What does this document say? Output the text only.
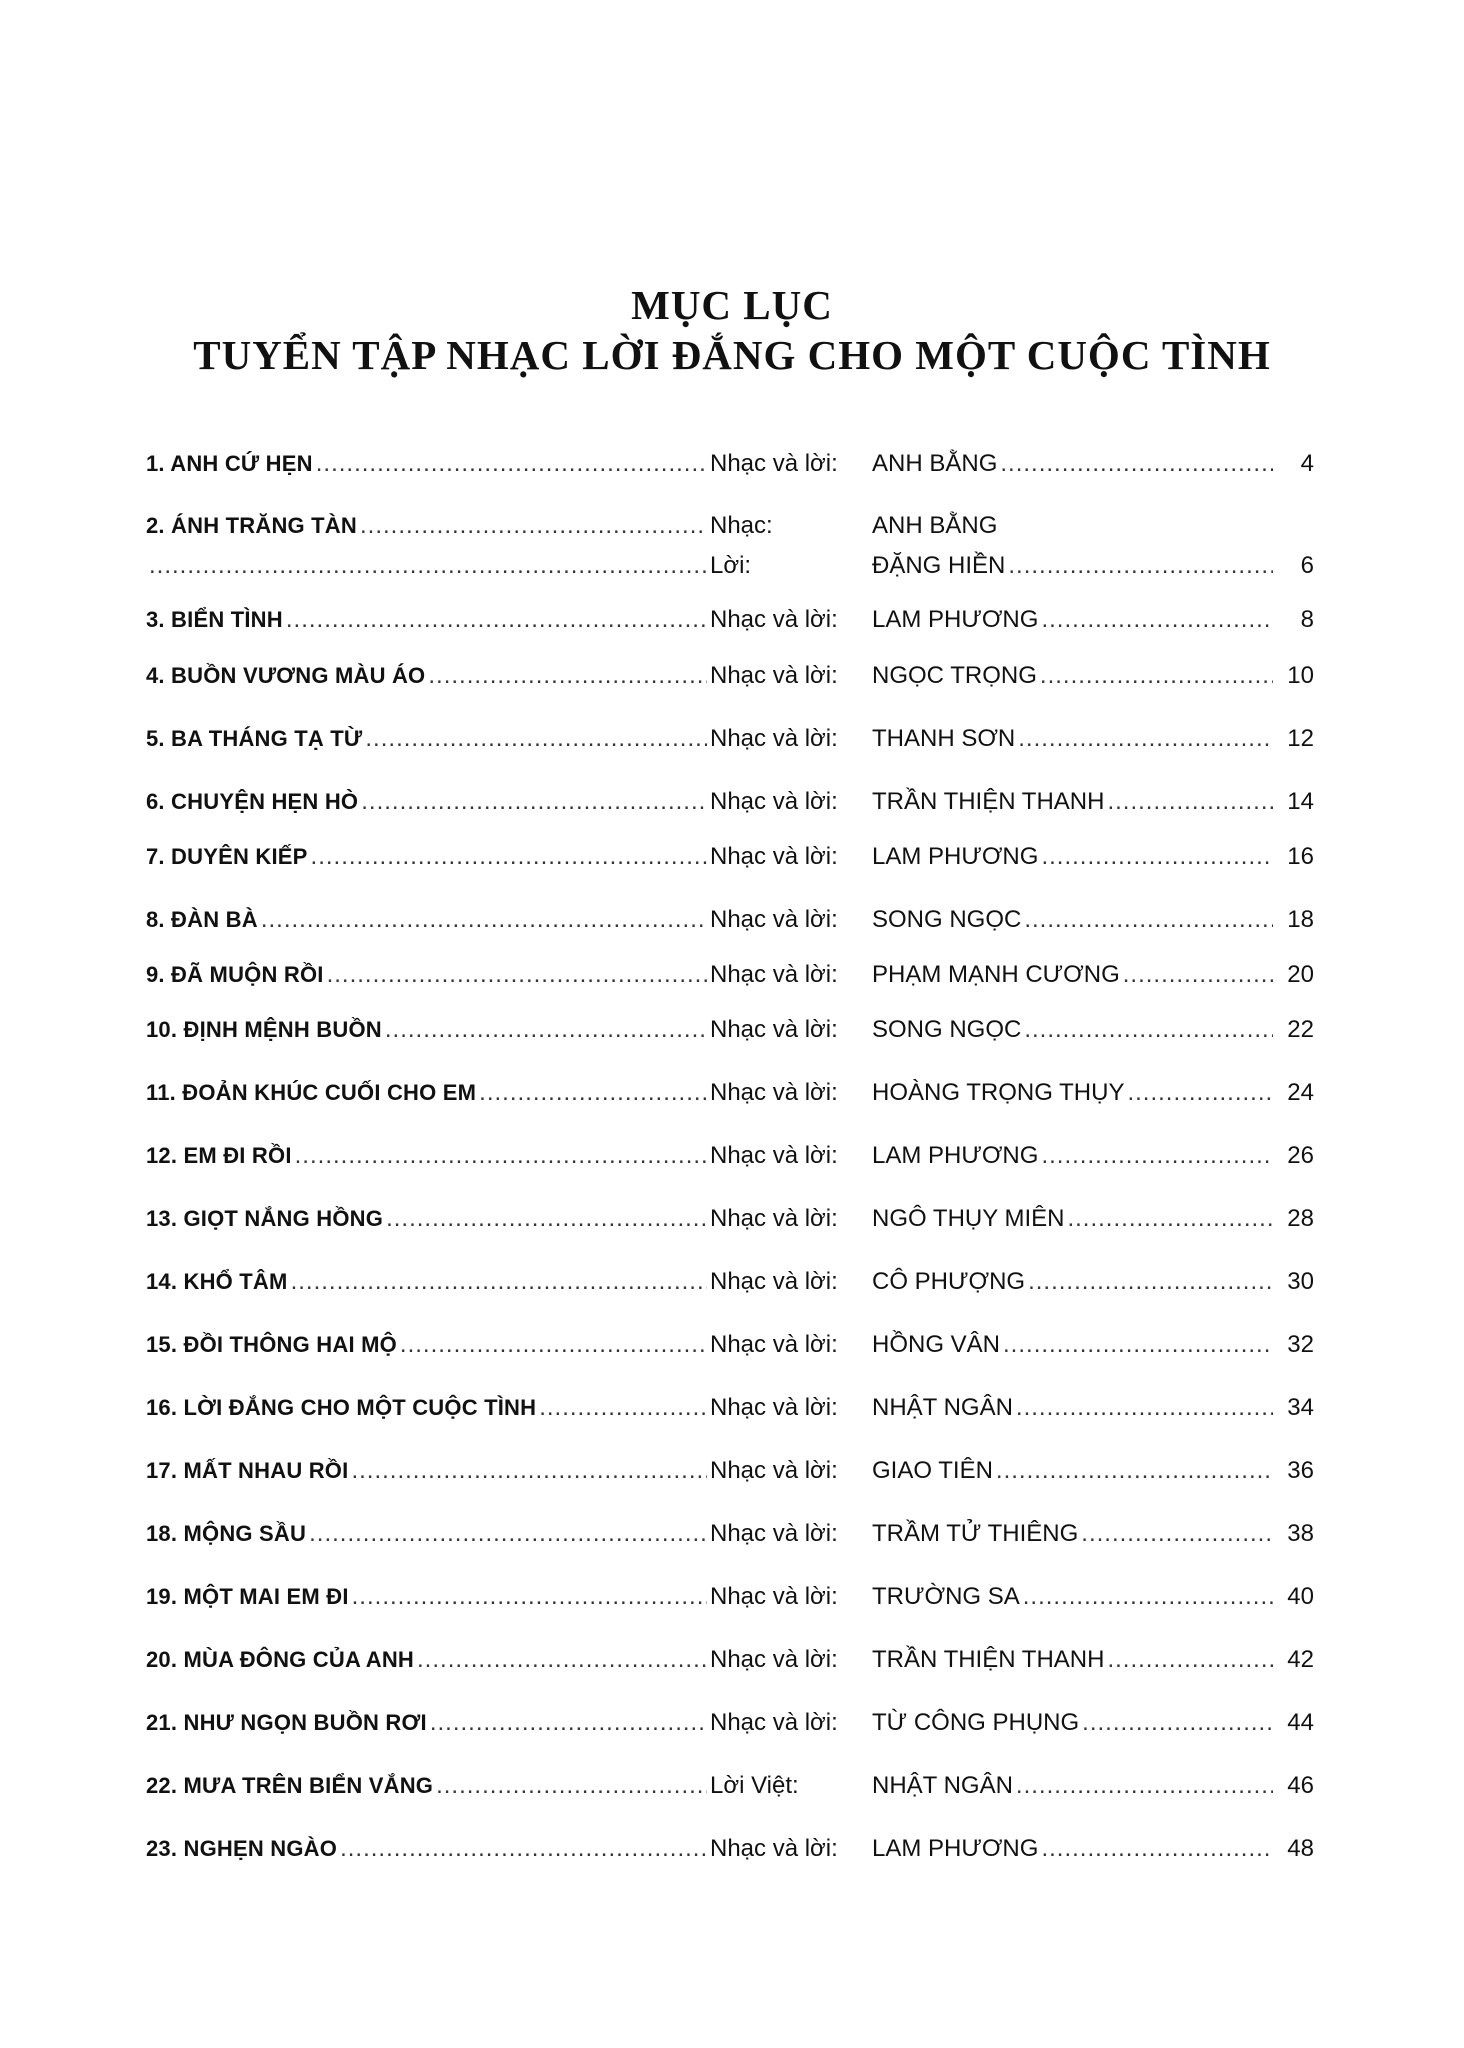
MỤC LỤC
TUYỂN TẬP NHẠC LỜI ĐẮNG CHO MỘT CUỘC TÌNH
1. ANH CỨ HẸN .....	Nhạc và lời:	ANH BẰNG .....	4
2. ÁNH TRĂNG TÀN .....	Nhạc:	ANH BẰNG
.....
Lời:	ĐẶNG HIỀN .....	6
3. BIỂN TÌNH .....	Nhạc và lời:	LAM PHƯƠNG .....	8
4. BUỒN VƯƠNG MÀU ÁO .....	Nhạc và lời:	NGỌC TRỌNG .....	10
5. BA THÁNG TẠ TỪ .....	Nhạc và lời:	THANH SƠN .....	12
6. CHUYỆN HẸN HÒ .....	Nhạc và lời:	TRẦN THIỆN THANH .....	14
7. DUYÊN KIẾP .....	Nhạc và lời:	LAM PHƯƠNG .....	16
8. ĐÀN BÀ .....	Nhạc và lời:	SONG NGỌC .....	18
9. ĐÃ MUỘN RỒI .....	Nhạc và lời:	PHẠM MẠNH CƯƠNG .....	20
10. ĐỊNH MỆNH BUỒN .....	Nhạc và lời:	SONG NGỌC .....	22
11. ĐOẢN KHÚC CUỐI CHO EM .....	Nhạc và lời:	HOÀNG TRỌNG THỤY .....	24
12. EM ĐI RỒI .....	Nhạc và lời:	LAM PHƯƠNG .....	26
13. GIỌT NẮNG HỒNG .....	Nhạc và lời:	NGÔ THỤY MIÊN .....	28
14. KHỔ TÂM .....	Nhạc và lời:	CÔ PHƯỢNG .....	30
15. ĐỒI THÔNG HAI MỘ .....	Nhạc và lời:	HỒNG VÂN .....	32
16. LỜI ĐẮNG CHO MỘT CUỘC TÌNH .....	Nhạc và lời:	NHẬT NGÂN .....	34
17. MẤT NHAU RỒI .....	Nhạc và lời:	GIAO TIÊN .....	36
18. MỘNG SẦU .....	Nhạc và lời:	TRẦM TỬ THIÊNG .....	38
19. MỘT MAI EM ĐI .....	Nhạc và lời:	TRƯỜNG SA .....	40
20. MÙA ĐÔNG CỦA ANH .....	Nhạc và lời:	TRẦN THIỆN THANH .....	42
21. NHƯ NGỌN BUỒN RƠI .....	Nhạc và lời:	TỪ CÔNG PHỤNG .....	44
22. MƯA TRÊN BIỂN VẮNG .....	Lời Việt:	NHẬT NGÂN .....	46
23. NGHẸN NGÀO .....	Nhạc và lời:	LAM PHƯƠNG .....	48
